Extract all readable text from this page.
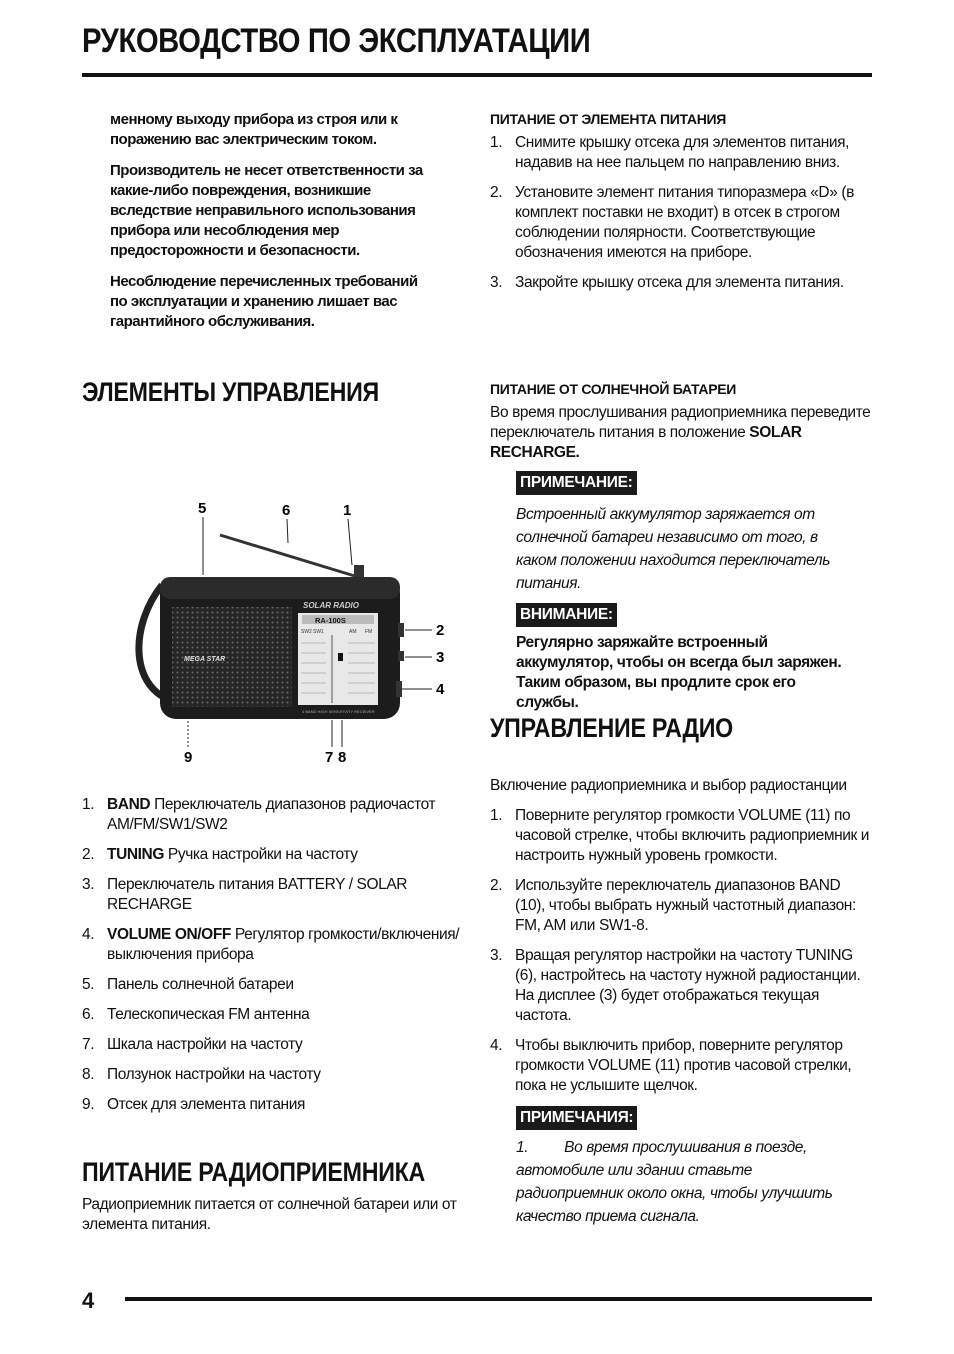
РУКОВОДСТВО ПО ЭКСПЛУАТАЦИИ

менному выходу прибора из строя или к поражению вас электрическим током.

Производитель не несет ответственности за какие-либо повреждения, возникшие вследствие неправильного использования прибора или несоблюдения мер предосторожности и безопасности.

Несоблюдение перечисленных требований по эксплуатации и хранению лишает вас гарантийного обслуживания.

ЭЛЕМЕНТЫ УПРАВЛЕНИЯ
5	6	1
2
3
4
9	7 8
MEGA STAR
SOLAR RADIO
RA-100S
SW2 SW1	AM FM
4 BAND HIGH SENSITIVITY RECEIVER
1. BAND Переключатель диапазонов радиочастот AM/FM/SW1/SW2
2. TUNING Ручка настройки на частоту
3. Переключатель питания BATTERY / SOLAR RECHARGE
4. VOLUME ON/OFF Регулятор громкости/включения/выключения прибора
5. Панель солнечной батареи
6. Телескопическая FM антенна
7. Шкала настройки на частоту
8. Ползунок настройки на частоту
9. Отсек для элемента питания
ПИТАНИЕ РАДИОПРИЕМНИКА

Радиоприемник питается от солнечной батареи или от элемента питания.

ПИТАНИЕ ОТ ЭЛЕМЕНТА ПИТАНИЯ
1. Снимите крышку отсека для элементов питания, надавив на нее пальцем по направлению вниз.
2. Установите элемент питания типоразмера «D» (в комплект поставки не входит) в отсек в строгом соблюдении полярности. Соответствующие обозначения имеются на приборе.
3. Закройте крышку отсека для элемента питания.
ПИТАНИЕ ОТ СОЛНЕЧНОЙ БАТАРЕИ

Во время прослушивания радиоприемника переведите переключатель питания в положение SOLAR RECHARGE.

ПРИМЕЧАНИЕ:
Встроенный аккумулятор заряжается от солнечной батареи независимо от того, в каком положении находится переключатель питания.
ВНИМАНИЕ:
Регулярно заряжайте встроенный аккумулятор, чтобы он всегда был заряжен. Таким образом, вы продлите срок его службы.
УПРАВЛЕНИЕ РАДИО

Включение радиоприемника и выбор радиостанции

1. Поверните регулятор громкости VOLUME (11) по часовой стрелке, чтобы включить радиоприемник и настроить нужный уровень громкости.
2. Используйте переключатель диапазонов BAND (10), чтобы выбрать нужный частотный диапазон: FM, AM или SW1-8.
3. Вращая регулятор настройки на частоту TUNING (6), настройтесь на частоту нужной радиостанции. На дисплее (3) будет отображаться текущая частота.
4. Чтобы выключить прибор, поверните регулятор громкости VOLUME (11) против часовой стрелки, пока не услышите щелчок.
ПРИМЕЧАНИЯ:
1. Во время прослушивания в поезде, автомобиле или здании ставьте радиоприемник около окна, чтобы улучшить качество приема сигнала.
4
